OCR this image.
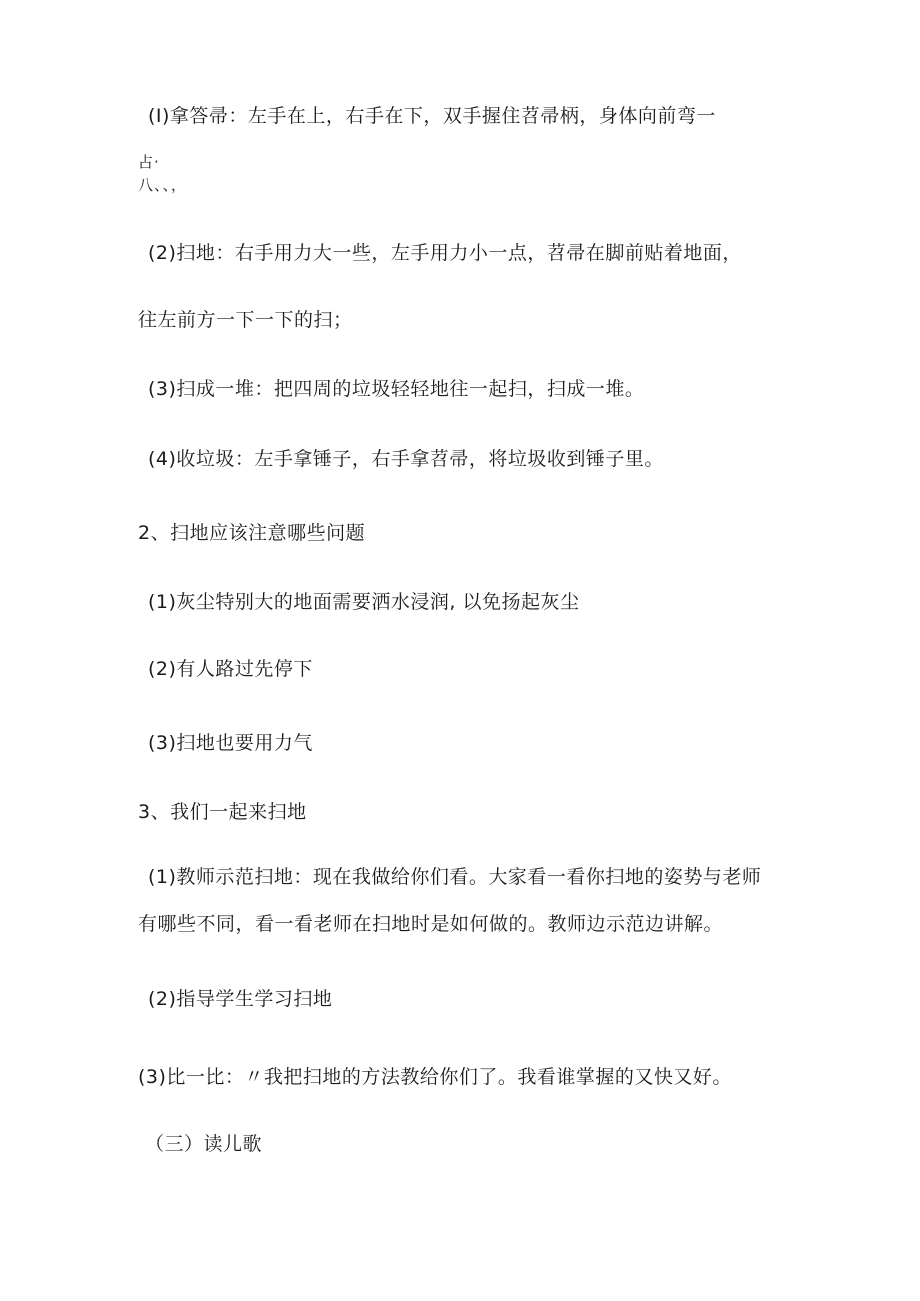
(I)拿答帚：左手在上，右手在下，双手握住苕帚柄，身体向前弯一
占·
八、、，
(2)扫地：右手用力大一些，左手用力小一点，苕帚在脚前贴着地面，
往左前方一下一下的扫；
(3)扫成一堆：把四周的垃圾轻轻地往一起扫，扫成一堆。
(4)收垃圾：左手拿锤子，右手拿苕帚，将垃圾收到锤子里。
2、扫地应该注意哪些问题
(1)灰尘特别大的地面需要洒水浸润, 以免扬起灰尘
(2)有人路过先停下
(3)扫地也要用力气
3、我们一起来扫地
(1)教师示范扫地：现在我做给你们看。大家看一看你扫地的姿势与老师
有哪些不同，看一看老师在扫地时是如何做的。教师边示范边讲解。
(2)指导学生学习扫地
(3)比一比：〃我把扫地的方法教给你们了。我看谁掌握的又快又好。
（三）读儿歌
